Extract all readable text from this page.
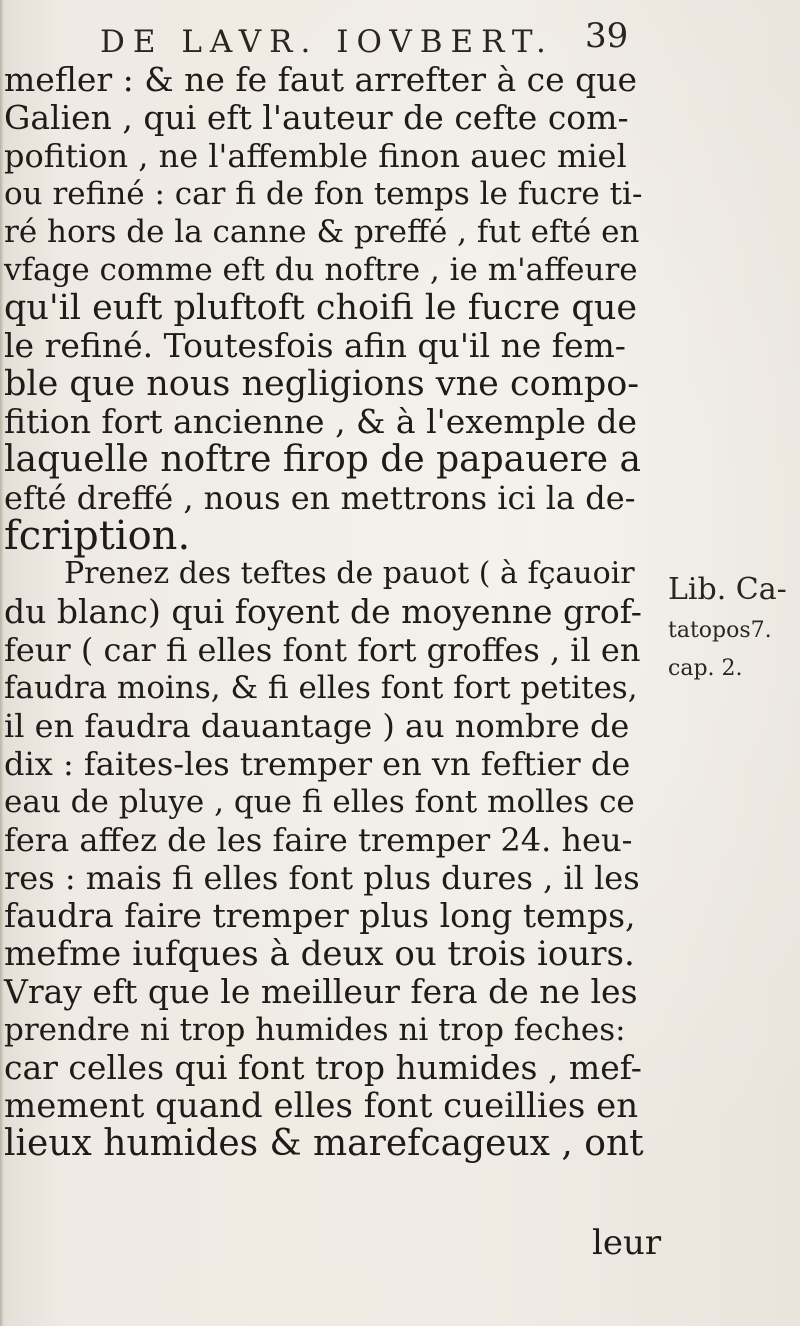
DE LAVR. IOVBERT. 39
mefler : & ne fe faut arrefter à ce que
Galien , qui eft l'auteur de cefte com-
pofition , ne l'affemble finon auec miel
ou refiné : car fi de fon temps le fucre ti-
ré hors de la canne & preffé , fut efté en
vfage comme eft du noftre , ie m'affeure
qu'il euft pluftoft choifi le fucre que
le refiné. Toutesfois afin qu'il ne fem-
ble que nous negligions vne compo-
fition fort ancienne , & à l'exemple de
laquelle noftre firop de papauere a
efté dreffé , nous en mettrons ici la de-
fcription.
Prenez des teftes de pauot ( à fçauoir
du blanc) qui foyent de moyenne grof-
feur ( car fi elles font fort groffes , il en
faudra moins, & fi elles font fort petites,
il en faudra dauantage ) au nombre de
dix : faites-les tremper en vn feftier de
eau de pluye , que fi elles font molles ce
fera affez de les faire tremper 24. heu-
res : mais fi elles font plus dures , il les
faudra faire tremper plus long temps,
mefme iufques à deux ou trois iours.
Vray eft que le meilleur fera de ne les
prendre ni trop humides ni trop feches:
car celles qui font trop humides , mef-
mement quand elles font cueillies en
lieux humides & marefcageux , ont
Lib. Ca-
tatopos7.
cap. 2.
leur
